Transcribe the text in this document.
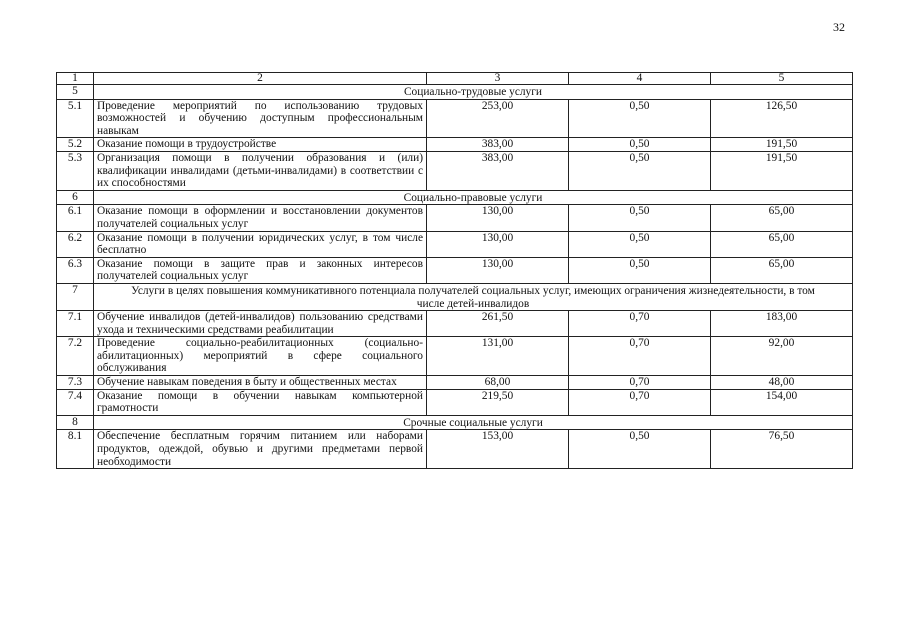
32
1	2	3	4	5
5	Социально-трудовые услуги			
5.1	Проведение мероприятий по использованию трудовых возможностей и обучению доступным профессиональным навыкам	253,00	0,50	126,50
5.2	Оказание помощи в трудоустройстве	383,00	0,50	191,50
5.3	Организация помощи в получении образования и (или) квалификации инвалидами (детьми-инвалидами) в соответствии с их способностями	383,00	0,50	191,50
6	Социально-правовые услуги			
6.1	Оказание помощи в оформлении и восстановлении документов получателей социальных услуг	130,00	0,50	65,00
6.2	Оказание помощи в получении юридических услуг, в том числе бесплатно	130,00	0,50	65,00
6.3	Оказание помощи в защите прав и законных интересов получателей социальных услуг	130,00	0,50	65,00
7	Услуги в целях повышения коммуникативного потенциала получателей социальных услуг, имеющих ограничения жизнедеятельности, в том числе детей-инвалидов			
7.1	Обучение инвалидов (детей-инвалидов) пользованию средствами ухода и техническими средствами реабилитации	261,50	0,70	183,00
7.2	Проведение социально-реабилитационных (социально-абилитационных) мероприятий в сфере социального обслуживания	131,00	0,70	92,00
7.3	Обучение навыкам поведения в быту и общественных местах	68,00	0,70	48,00
7.4	Оказание помощи в обучении навыкам компьютерной грамотности	219,50	0,70	154,00
8	Срочные социальные услуги			
8.1	Обеспечение бесплатным горячим питанием или наборами продуктов, одеждой, обувью и другими предметами первой необходимости	153,00	0,50	76,50
